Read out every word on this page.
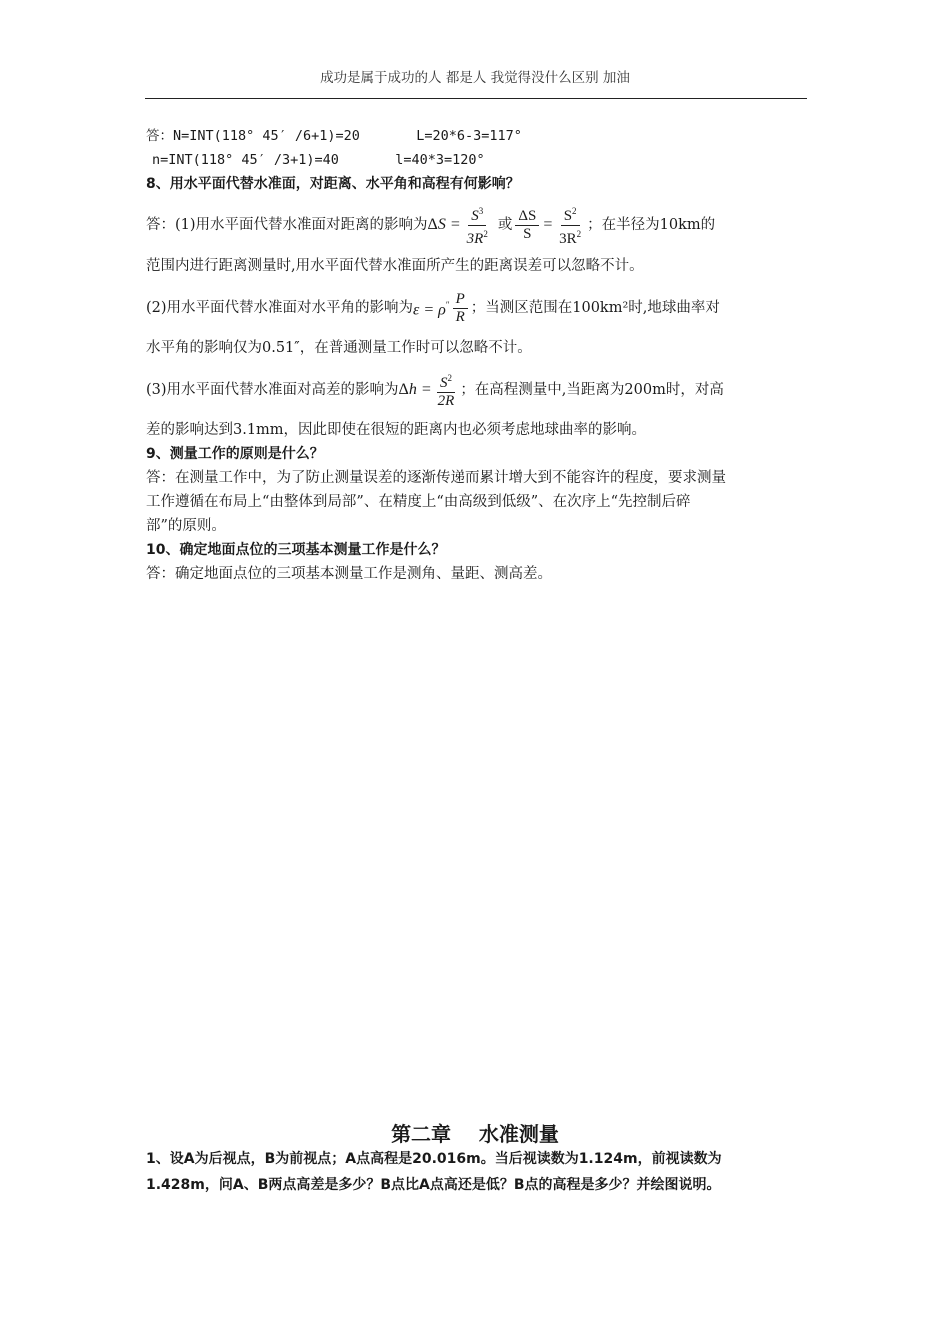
成功是属于成功的人 都是人 我觉得没什么区别 加油
答：N=INT(118° 45′ /6+1)=20	L=20*6-3=117°
n=INT(118° 45′ /3+1)=40	l=40*3=120°
8、用水平面代替水准面，对距离、水平角和高程有何影响？
答：(1)用水平面代替水准面对距离的影响为 $\Delta S = \frac{S^3}{3R^2}$ 或 $\frac{\Delta S}{S} = \frac{S^2}{3R^2}$ ；在半径为10km的
范围内进行距离测量时,用水平面代替水准面所产生的距离误差可以忽略不计。
(2)用水平面代替水准面对水平角的影响为 $\varepsilon = \rho'' \frac{P}{R}$ ；当测区范围在100km²时,地球曲率对
水平角的影响仅为0.51″，在普通测量工作时可以忽略不计。
(3)用水平面代替水准面对高差的影响为 $\Delta h = \frac{S^2}{2R}$ ；在高程测量中,当距离为200m时，对高
差的影响达到3.1mm，因此即使在很短的距离内也必须考虑地球曲率的影响。
9、测量工作的原则是什么？
答：在测量工作中，为了防止测量误差的逐渐传递而累计增大到不能容许的程度，要求测量
工作遵循在布局上“由整体到局部”、在精度上“由高级到低级”、在次序上“先控制后碎
部”的原则。
10、确定地面点位的三项基本测量工作是什么？
答：确定地面点位的三项基本测量工作是测角、量距、测高差。
第二章    水准测量
1、设A为后视点，B为前视点；A点高程是20.016m。当后视读数为1.124m，前视读数为
1.428m，问A、B两点高差是多少？B点比A点高还是低？B点的高程是多少？并绘图说明。
